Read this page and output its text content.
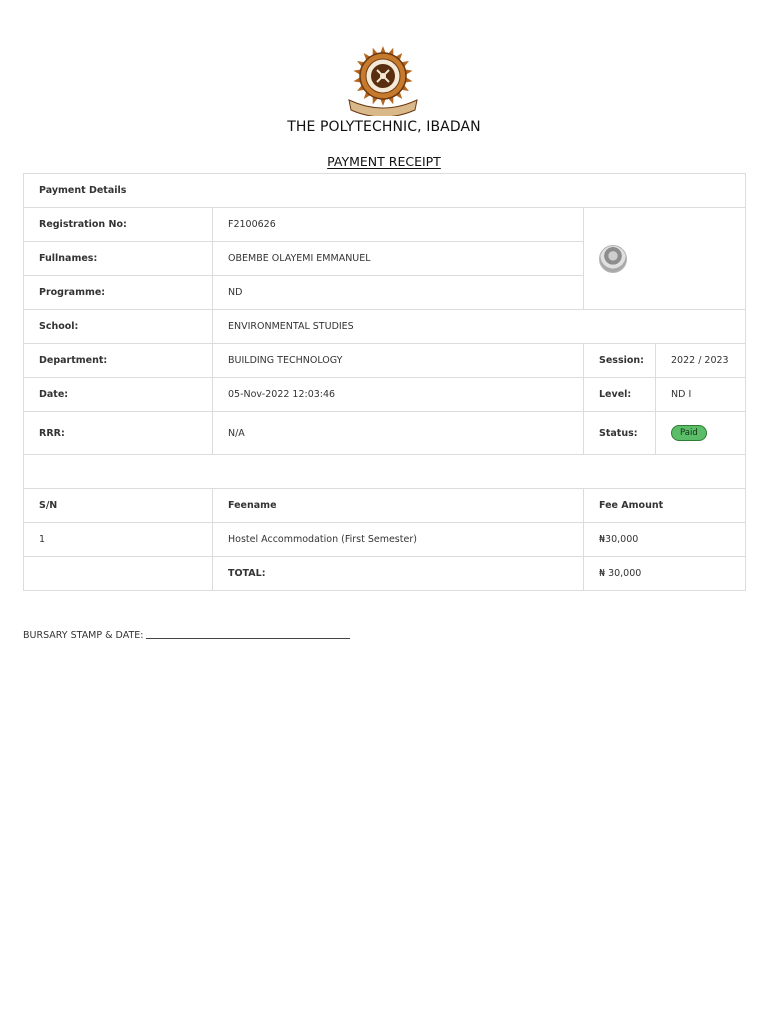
THE POLYTECHNIC, IBADAN
PAYMENT RECEIPT
Payment Details			
Registration No:	F2100626		

Fullnames:	OBEMBE OLAYEMI EMMANUEL		
Programme:	ND		
School:	ENVIRONMENTAL STUDIES		
Department:	BUILDING TECHNOLOGY	Session:	2022 / 2023
Date:	05-Nov-2022 12:03:46	Level:	ND I
RRR:	N/A	Status:	Paid

S/N	Feename	Fee Amount	
1	Hostel Accommodation (First Semester)	₦30,000	
	TOTAL:	₦ 30,000	
BURSARY STAMP & DATE:
